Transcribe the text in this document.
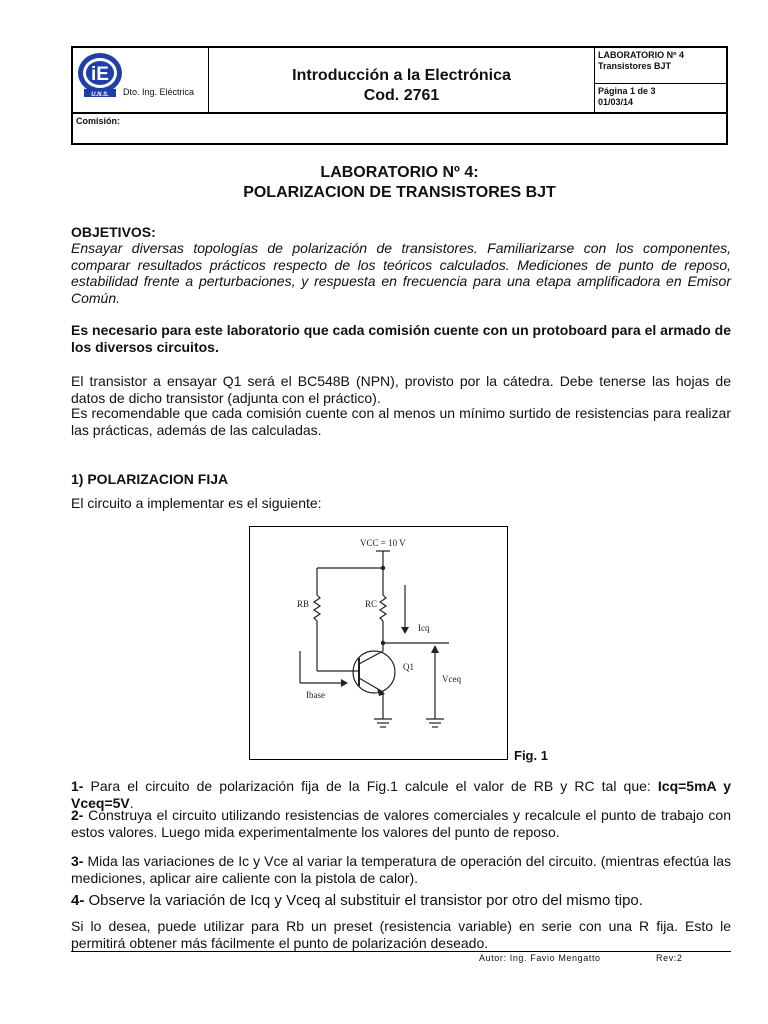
iE
U.N.S. Dto. Ing. Eléctrica
Introducción a la Electrónica
Cod. 2761
LABORATORIO Nº 4
Transistores BJT
Página 1 de 3
01/03/14
Comisión:
LABORATORIO Nº 4:
POLARIZACION DE TRANSISTORES BJT
OBJETIVOS:
Ensayar diversas topologías de polarización de transistores. Familiarizarse con los componentes, comparar resultados prácticos respecto de los teóricos calculados. Mediciones de punto de reposo, estabilidad frente a perturbaciones, y respuesta en frecuencia para una etapa amplificadora en Emisor Común.
Es necesario para este laboratorio que cada comisión cuente con un protoboard para el armado de los diversos circuitos.
El transistor a ensayar Q1 será el BC548B (NPN), provisto por la cátedra. Debe tenerse las hojas de datos de dicho transistor (adjunta con el práctico).
Es recomendable que cada comisión cuente con al menos un mínimo surtido de resistencias para realizar las prácticas, además de las calculadas.
1) POLARIZACION FIJA
El circuito a implementar es el siguiente:
VCC = 10 V
RB	RC
Icq
Q1
Vceq
Ibase
Fig. 1
1- Para el circuito de polarización fija de la Fig.1 calcule el valor de RB y RC tal que: Icq=5mA y Vceq=5V.
2- Construya el circuito utilizando resistencias de valores comerciales y recalcule el punto de trabajo con estos valores. Luego mida experimentalmente los valores del punto de reposo.
3- Mida las variaciones de Ic y Vce al variar la temperatura de operación del circuito. (mientras efectúa las mediciones, aplicar aire caliente con la pistola de calor).
4- Observe la variación de Icq y Vceq al substituir el transistor por otro del mismo tipo.
Si lo desea, puede utilizar para Rb un preset (resistencia variable) en serie con una R fija. Esto le permitirá obtener más fácilmente el punto de polarización deseado.
Autor: Ing. Favio Mengatto	Rev:2
